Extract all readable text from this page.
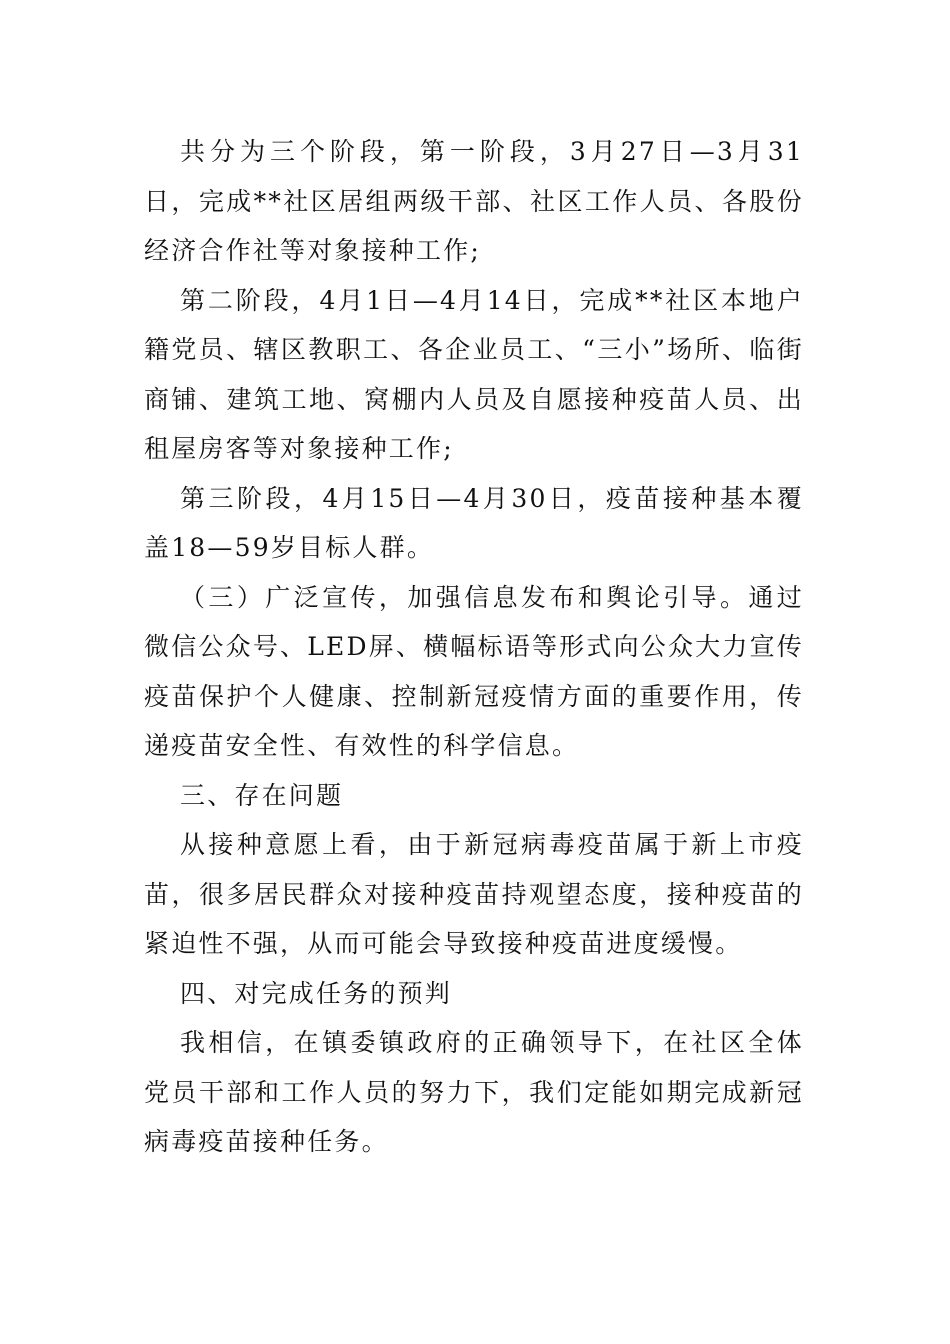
共分为三个阶段，第一阶段，3月27日—3月31日，完成**社区居组两级干部、社区工作人员、各股份经济合作社等对象接种工作;

第二阶段，4月1日—4月14日，完成**社区本地户籍党员、辖区教职工、各企业员工、“三小”场所、临街商铺、建筑工地、窝棚内人员及自愿接种疫苗人员、出租屋房客等对象接种工作;

第三阶段，4月15日—4月30日，疫苗接种基本覆盖18—59岁目标人群。

（三）广泛宣传，加强信息发布和舆论引导。通过微信公众号、LED屏、横幅标语等形式向公众大力宣传疫苗保护个人健康、控制新冠疫情方面的重要作用，传递疫苗安全性、有效性的科学信息。

三、存在问题

从接种意愿上看，由于新冠病毒疫苗属于新上市疫苗，很多居民群众对接种疫苗持观望态度，接种疫苗的紧迫性不强，从而可能会导致接种疫苗进度缓慢。

四、对完成任务的预判

我相信，在镇委镇政府的正确领导下，在社区全体党员干部和工作人员的努力下，我们定能如期完成新冠病毒疫苗接种任务。
